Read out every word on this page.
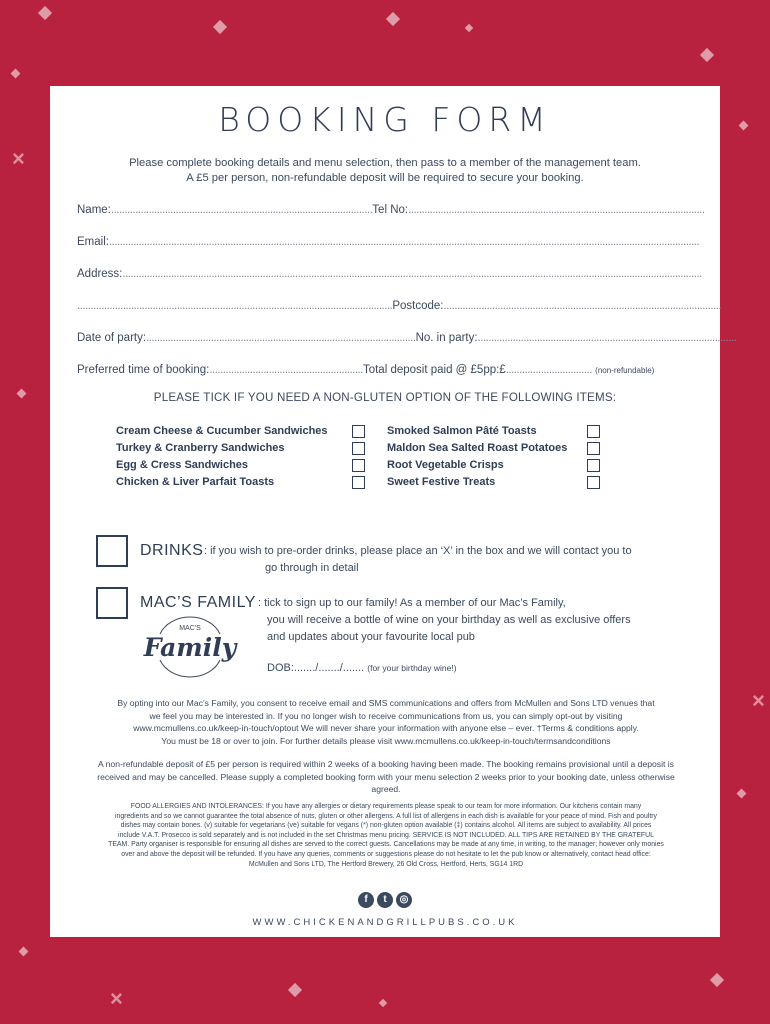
×
×
×
BOOKING FORM
Please complete booking details and menu selection, then pass to a member of the management team.
A £5 per person, non-refundable deposit will be required to secure your booking.
Name:.................................................................................................Tel No:..............................................................................................................
Email:...........................................................................................................................................................................................................................
Address:.......................................................................................................................................................................................................................
.....................................................................................................................Postcode:.......................................................................................................
Date of party:....................................................................................................No. in party:................................................................................................
Preferred time of booking:.........................................................Total deposit paid @ £5pp:£................................ (non-refundable)
PLEASE TICK IF YOU NEED A NON-GLUTEN OPTION OF THE FOLLOWING ITEMS:
Cream Cheese & Cucumber Sandwiches
Turkey & Cranberry Sandwiches
Egg & Cress Sandwiches
Chicken & Liver Parfait Toasts
Smoked Salmon Pâté Toasts
Maldon Sea Salted Roast Potatoes
Root Vegetable Crisps
Sweet Festive Treats
DRINKS : if you wish to pre-order drinks, please place an ‘X’ in the box and we will contact you to
go through in detail
MAC’S FAMILY : tick to sign up to our family! As a member of our Mac’s Family,
you will receive a bottle of wine on your birthday as well as exclusive offers
and updates about your favourite local pub
DOB:......./......./....... (for your birthday wine!)
MAC'S
Family
By opting into our Mac’s Family, you consent to receive email and SMS communications and offers from McMullen and Sons LTD venues that
we feel you may be interested in. If you no longer wish to receive communications from us, you can simply opt-out by visiting
www.mcmullens.co.uk/keep-in-touch/optout We will never share your information with anyone else – ever. †Terms & conditions apply.
You must be 18 or over to join. For further details please visit www.mcmullens.co.uk/keep-in-touch/termsandconditions
A non-refundable deposit of £5 per person is required within 2 weeks of a booking having been made. The booking remains provisional until a deposit is
received and may be cancelled. Please supply a completed booking form with your menu selection 2 weeks prior to your booking date, unless otherwise
agreed.
FOOD ALLERGIES AND INTOLERANCES: If you have any allergies or dietary requirements please speak to our team for more information. Our kitchens contain many
ingredients and so we cannot guarantee the total absence of nuts, gluten or other allergens. A full list of allergens in each dish is available for your peace of mind. Fish and poultry
dishes may contain bones. (v) suitable for vegetarians (ve) suitable for vegans (*) non-gluten option available (‡) contains alcohol. All items are subject to availability. All prices
include V.A.T. Prosecco is sold separately and is not included in the set Christmas menu pricing. SERVICE IS NOT INCLUDED. ALL TIPS ARE RETAINED BY THE GRATEFUL
TEAM. Party organiser is responsible for ensuring all dishes are served to the correct guests. Cancellations may be made at any time, in writing, to the manager; however only monies
over and above the deposit will be refunded. If you have any queries, comments or suggestions please do not hesitate to let the pub know or alternatively, contact head office:
McMullen and Sons LTD, The Hertford Brewery, 26 Old Cross, Hertford, Herts, SG14 1RD
f	t	◎
WWW.CHICKENANDGRILLPUBS.CO.UK
